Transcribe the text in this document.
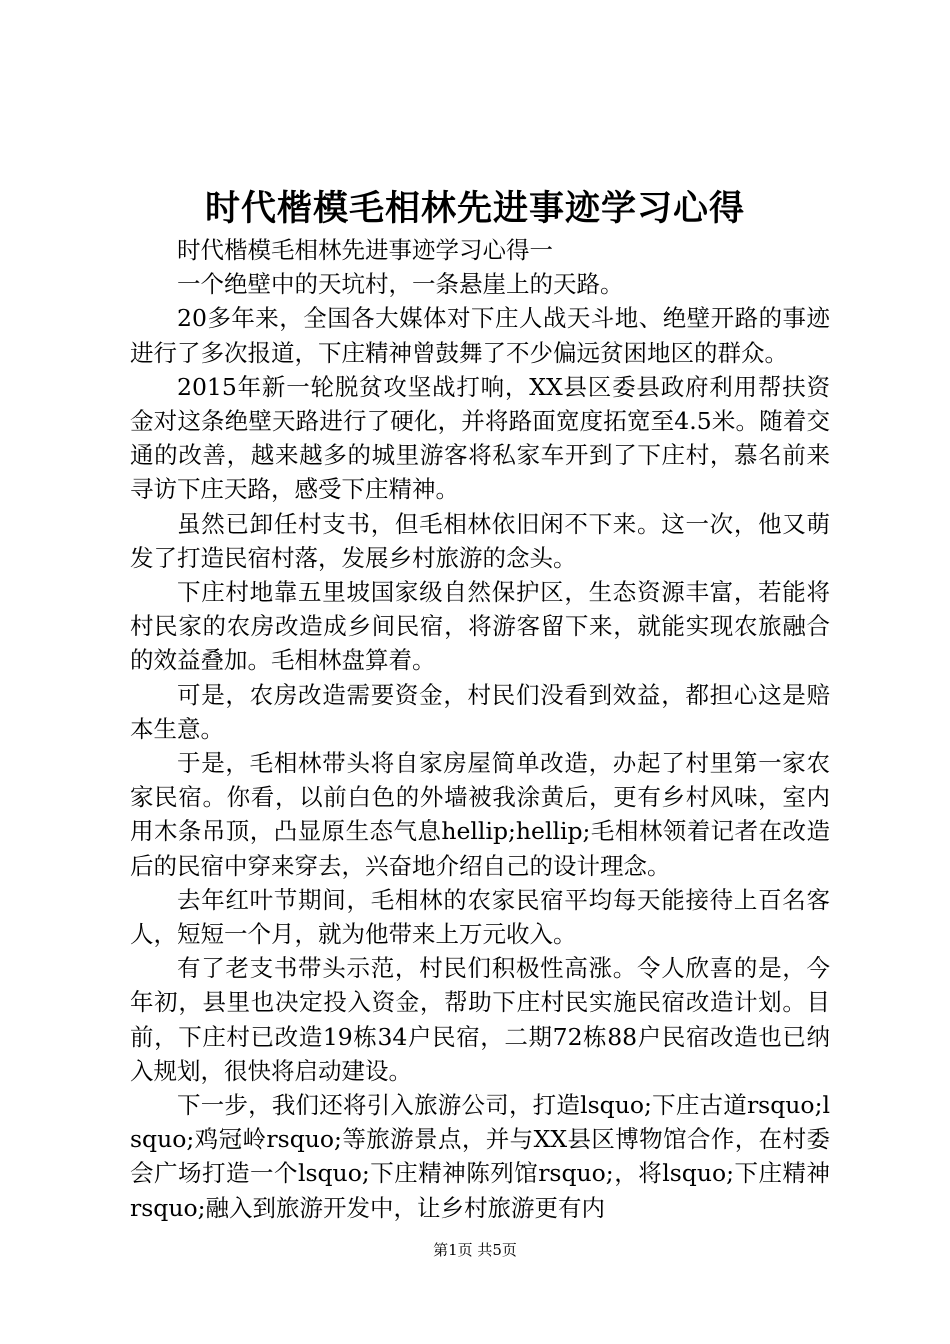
时代楷模毛相林先进事迹学习心得

时代楷模毛相林先进事迹学习心得一

一个绝壁中的天坑村，一条悬崖上的天路。

20多年来，全国各大媒体对下庄人战天斗地、绝壁开路的事迹进行了多次报道，下庄精神曾鼓舞了不少偏远贫困地区的群众。

2015年新一轮脱贫攻坚战打响，XX县区委县政府利用帮扶资金对这条绝壁天路进行了硬化，并将路面宽度拓宽至4.5米。随着交通的改善，越来越多的城里游客将私家车开到了下庄村，慕名前来寻访下庄天路，感受下庄精神。

虽然已卸任村支书，但毛相林依旧闲不下来。这一次，他又萌发了打造民宿村落，发展乡村旅游的念头。

下庄村地靠五里坡国家级自然保护区，生态资源丰富，若能将村民家的农房改造成乡间民宿，将游客留下来，就能实现农旅融合的效益叠加。毛相林盘算着。

可是，农房改造需要资金，村民们没看到效益，都担心这是赔本生意。

于是，毛相林带头将自家房屋简单改造，办起了村里第一家农家民宿。你看，以前白色的外墙被我涂黄后，更有乡村风味，室内用木条吊顶，凸显原生态气息hellip;hellip;毛相林领着记者在改造后的民宿中穿来穿去，兴奋地介绍自己的设计理念。

去年红叶节期间，毛相林的农家民宿平均每天能接待上百名客人，短短一个月，就为他带来上万元收入。

有了老支书带头示范，村民们积极性高涨。令人欣喜的是，今年初，县里也决定投入资金，帮助下庄村民实施民宿改造计划。目前，下庄村已改造19栋34户民宿，二期72栋88户民宿改造也已纳入规划，很快将启动建设。

下一步，我们还将引入旅游公司，打造lsquo;下庄古道rsquo;lsquo;鸡冠岭rsquo;等旅游景点，并与XX县区博物馆合作，在村委会广场打造一个lsquo;下庄精神陈列馆rsquo;，将lsquo;下庄精神rsquo;融入到旅游开发中，让乡村旅游更有内

第1页 共5页
